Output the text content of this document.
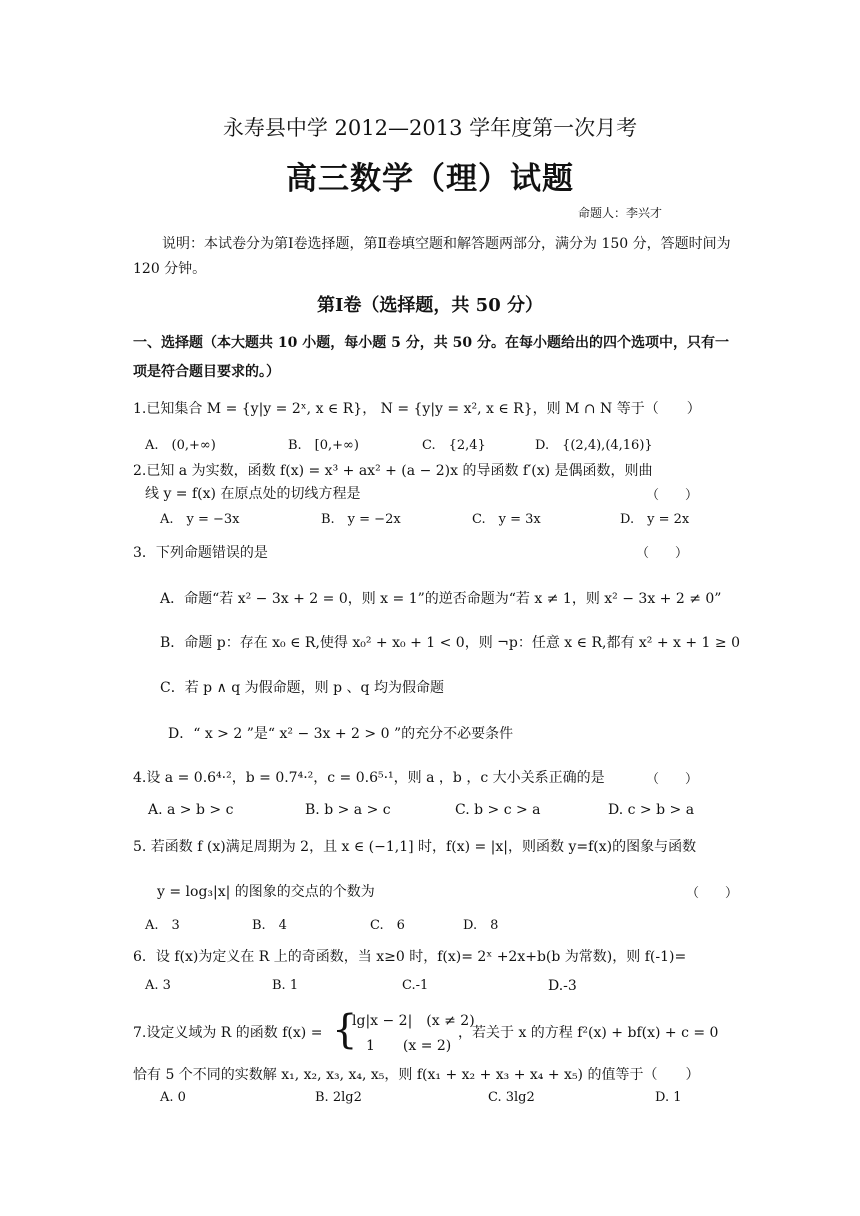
永寿县中学 2012—2013 学年度第一次月考
高三数学（理）试题
命题人：李兴才
说明：本试卷分为第Ⅰ卷选择题，第Ⅱ卷填空题和解答题两部分，满分为 150 分，答题时间为 120 分钟。
第Ⅰ卷（选择题，共 50 分）
一、选择题（本大题共 10 小题，每小题 5 分，共 50 分。在每小题给出的四个选项中，只有一项是符合题目要求的。）
1.已知集合 M = {y|y = 2ˣ, x ∈ R}， N = {y|y = x², x ∈ R}，则 M ∩ N 等于（　　）
A.　(0,+∞)	B.　[0,+∞)	C.　{2,4}	D.　{(2,4),(4,16)}
2.已知 a 为实数，函数 f(x) = x³ + ax² + (a − 2)x 的导函数 f′(x) 是偶函数，则曲
线 y = f(x) 在原点处的切线方程是	（　　）
A.　y = −3x	B.　y = −2x	C.　y = 3x	D.　y = 2x
3．下列命题错误的是	（　　）
A．命题“若 x² − 3x + 2 = 0，则 x = 1”的逆否命题为“若 x ≠ 1，则 x² − 3x + 2 ≠ 0”
B．命题 p：存在 x₀ ∈ R,使得 x₀² + x₀ + 1 < 0，则 ¬p：任意 x ∈ R,都有 x² + x + 1 ≥ 0
C．若 p ∧ q 为假命题，则 p 、q 均为假命题
D．“ x > 2 ”是“ x² − 3x + 2 > 0 ”的充分不必要条件
4.设 a = 0.6⁴·²，b = 0.7⁴·²，c = 0.6⁵·¹，则 a ，b ，c 大小关系正确的是	（　　）
A. a > b > c	B. b > a > c	C. b > c > a	D. c > b > a
5. 若函数 f (x)满足周期为 2，且 x ∈ (−1,1] 时，f(x) = |x|，则函数 y=f(x)的图象与函数
y = log₃|x| 的图象的交点的个数为	（　　）
A.　3	B.　4	C.　6	D.　8
6．设 f(x)为定义在 R 上的奇函数，当 x≥0 时，f(x)= 2ˣ +2x+b(b 为常数)，则 f(-1)=
A. 3	B. 1	C.-1	D.-3
7.设定义域为 R 的函数 f(x) = {
lg|x − 2|　(x ≠ 2)
1　　(x = 2)
，若关于 x 的方程 f²(x) + bf(x) + c = 0
恰有 5 个不同的实数解 x₁, x₂, x₃, x₄, x₅，则 f(x₁ + x₂ + x₃ + x₄ + x₅) 的值等于（　　）
A. 0	B. 2lg2	C. 3lg2	D. 1
